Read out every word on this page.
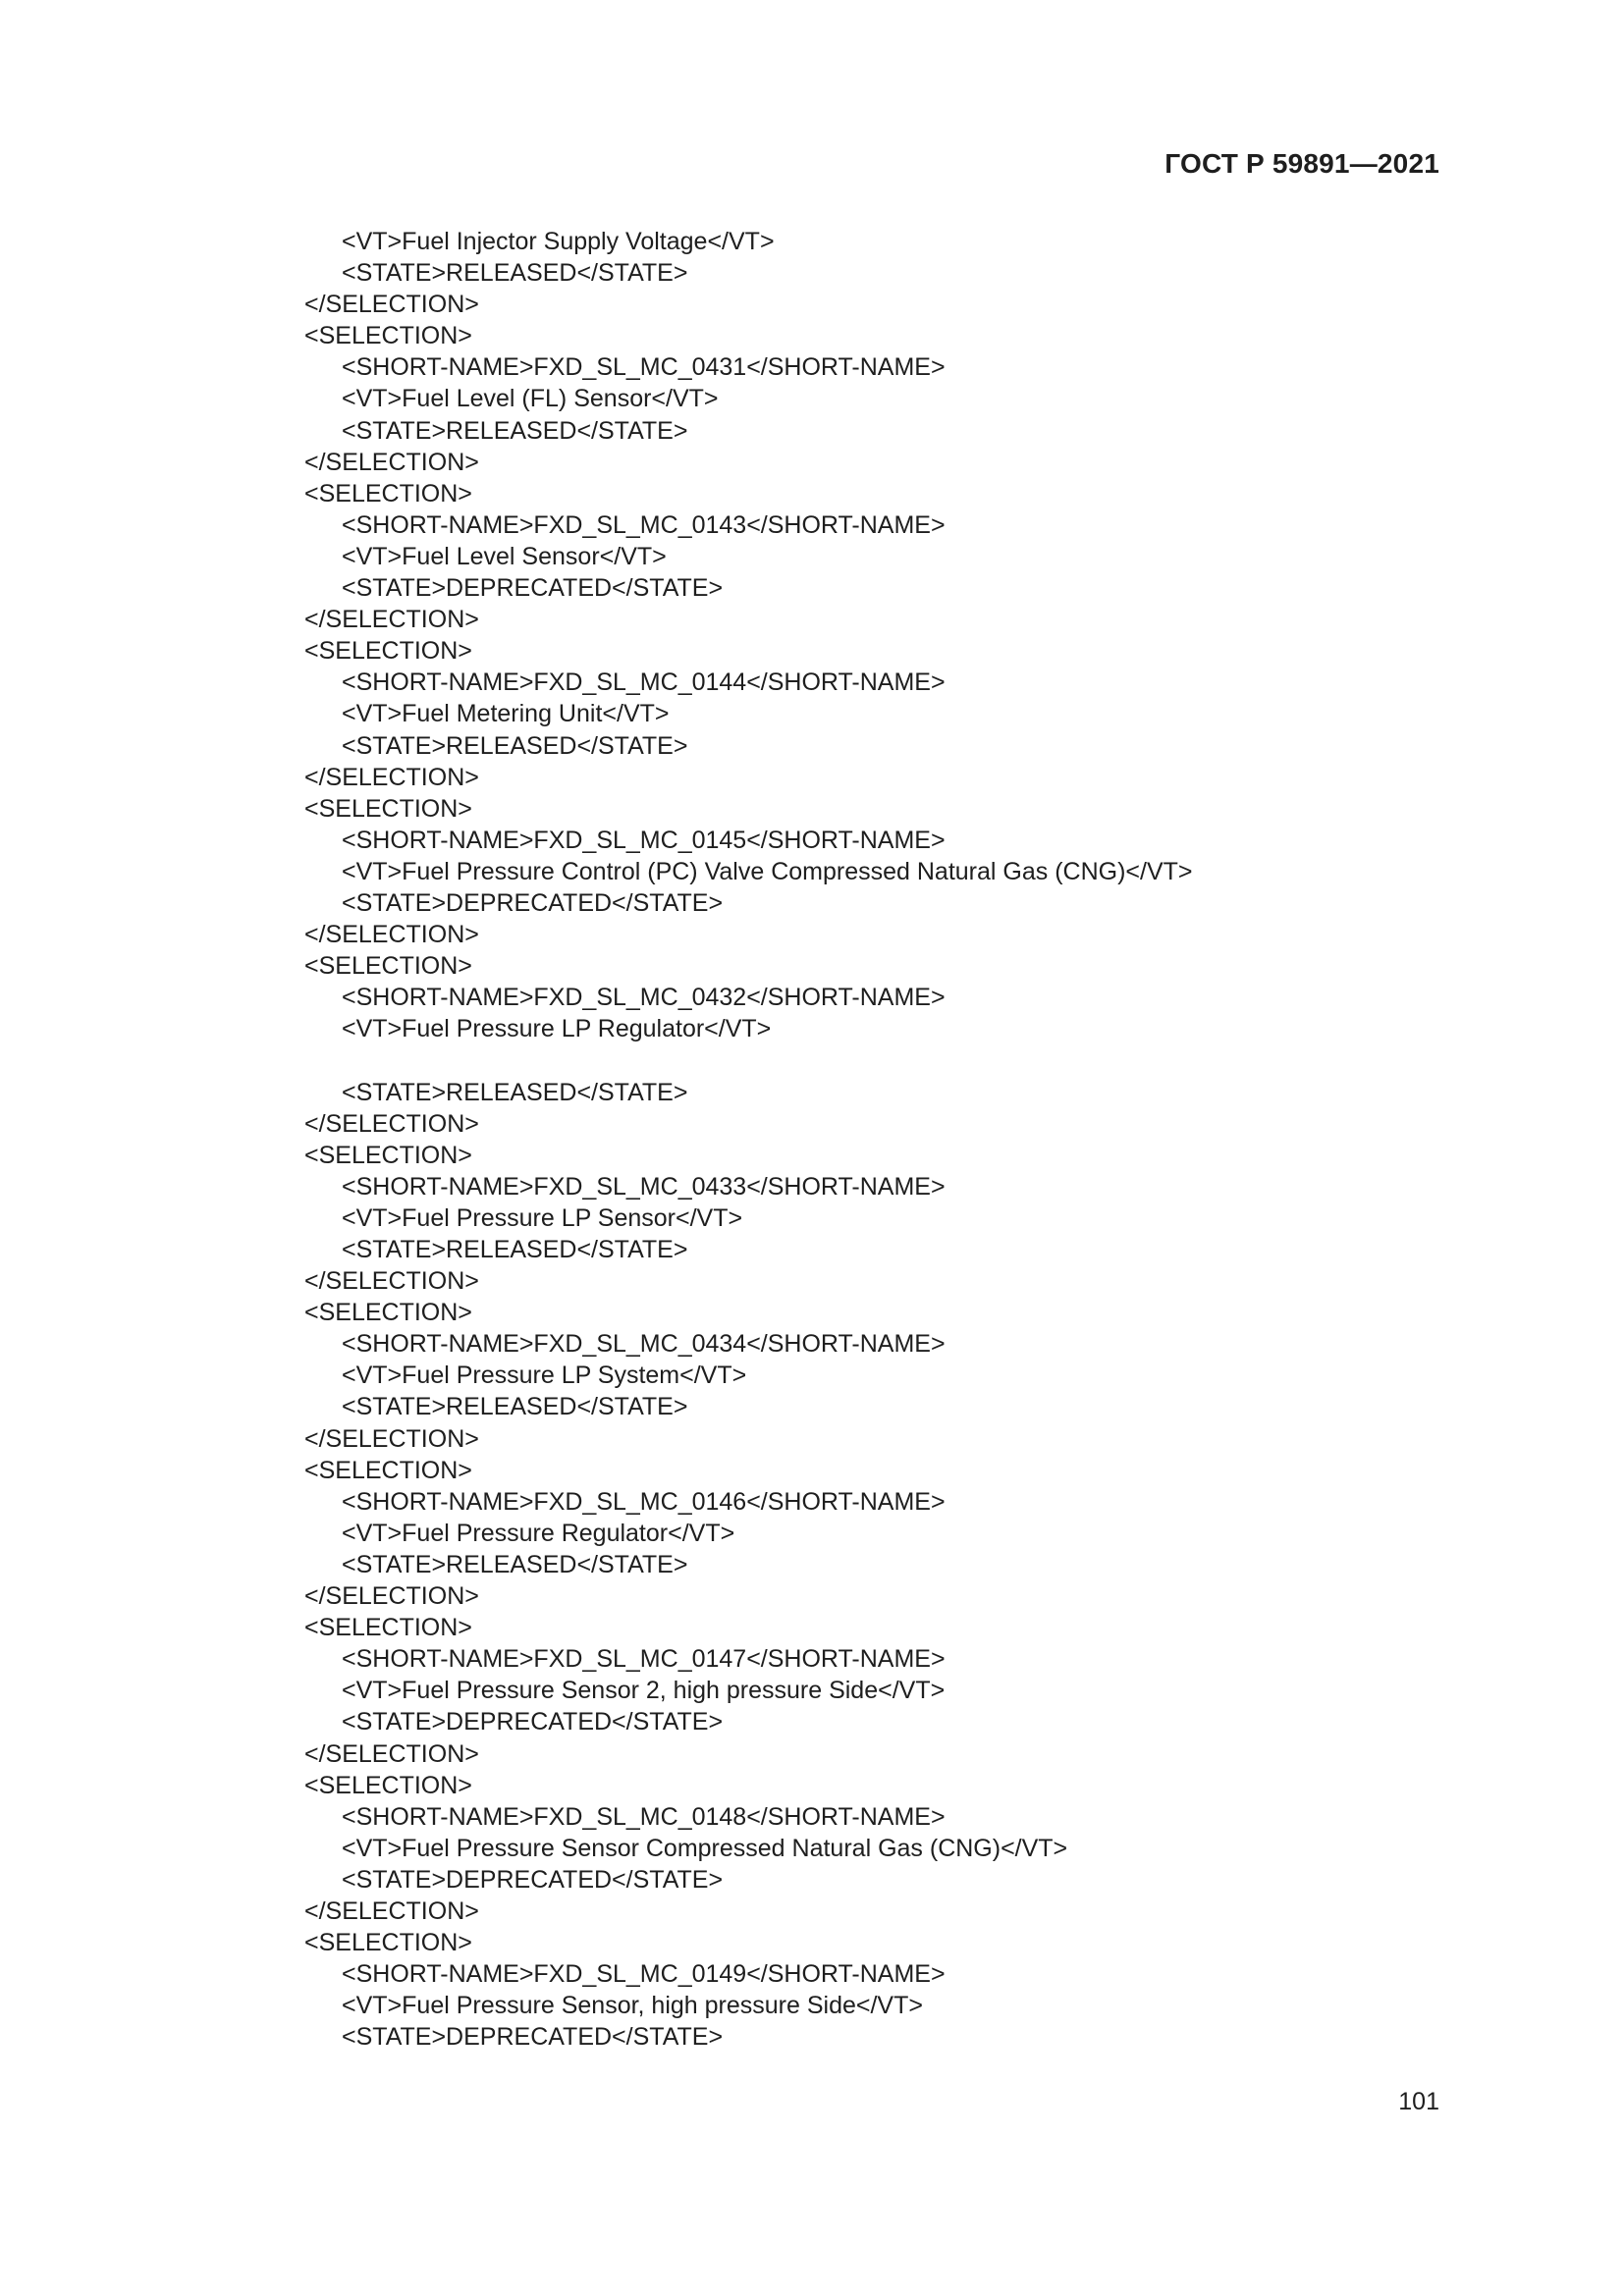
ГОСТ Р 59891—2021
<VT>Fuel Injector Supply Voltage</VT>
<STATE>RELEASED</STATE>
</SELECTION>
<SELECTION>
<SHORT-NAME>FXD_SL_MC_0431</SHORT-NAME>
<VT>Fuel Level (FL) Sensor</VT>
<STATE>RELEASED</STATE>
</SELECTION>
<SELECTION>
<SHORT-NAME>FXD_SL_MC_0143</SHORT-NAME>
<VT>Fuel Level Sensor</VT>
<STATE>DEPRECATED</STATE>
</SELECTION>
<SELECTION>
<SHORT-NAME>FXD_SL_MC_0144</SHORT-NAME>
<VT>Fuel Metering Unit</VT>
<STATE>RELEASED</STATE>
</SELECTION>
<SELECTION>
<SHORT-NAME>FXD_SL_MC_0145</SHORT-NAME>
<VT>Fuel Pressure Control (PC) Valve Compressed Natural Gas (CNG)</VT>
<STATE>DEPRECATED</STATE>
</SELECTION>
<SELECTION>
<SHORT-NAME>FXD_SL_MC_0432</SHORT-NAME>
<VT>Fuel Pressure LP Regulator</VT>
<STATE>RELEASED</STATE>
</SELECTION>
<SELECTION>
<SHORT-NAME>FXD_SL_MC_0433</SHORT-NAME>
<VT>Fuel Pressure LP Sensor</VT>
<STATE>RELEASED</STATE>
</SELECTION>
<SELECTION>
<SHORT-NAME>FXD_SL_MC_0434</SHORT-NAME>
<VT>Fuel Pressure LP System</VT>
<STATE>RELEASED</STATE>
</SELECTION>
<SELECTION>
<SHORT-NAME>FXD_SL_MC_0146</SHORT-NAME>
<VT>Fuel Pressure Regulator</VT>
<STATE>RELEASED</STATE>
</SELECTION>
<SELECTION>
<SHORT-NAME>FXD_SL_MC_0147</SHORT-NAME>
<VT>Fuel Pressure Sensor 2, high pressure Side</VT>
<STATE>DEPRECATED</STATE>
</SELECTION>
<SELECTION>
<SHORT-NAME>FXD_SL_MC_0148</SHORT-NAME>
<VT>Fuel Pressure Sensor Compressed Natural Gas (CNG)</VT>
<STATE>DEPRECATED</STATE>
</SELECTION>
<SELECTION>
<SHORT-NAME>FXD_SL_MC_0149</SHORT-NAME>
<VT>Fuel Pressure Sensor, high pressure Side</VT>
<STATE>DEPRECATED</STATE>
101
